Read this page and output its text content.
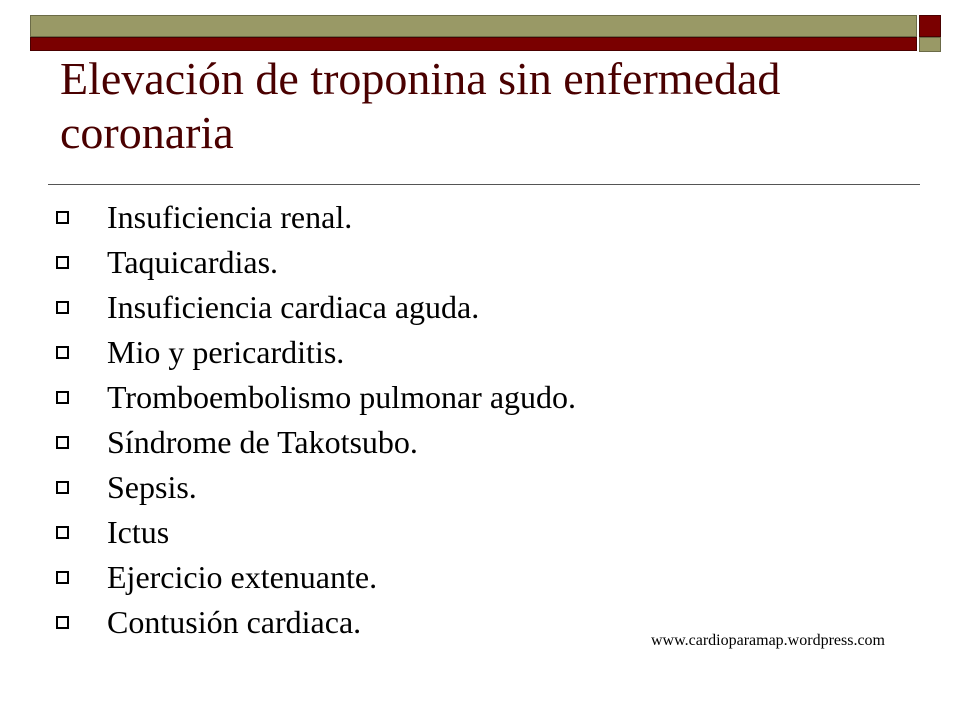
Elevación de troponina sin enfermedad coronaria
Insuficiencia renal.
Taquicardias.
Insuficiencia cardiaca aguda.
Mio y pericarditis.
Tromboembolismo pulmonar agudo.
Síndrome de Takotsubo.
Sepsis.
Ictus
Ejercicio extenuante.
Contusión cardiaca.
www.cardioparamap.wordpress.com
